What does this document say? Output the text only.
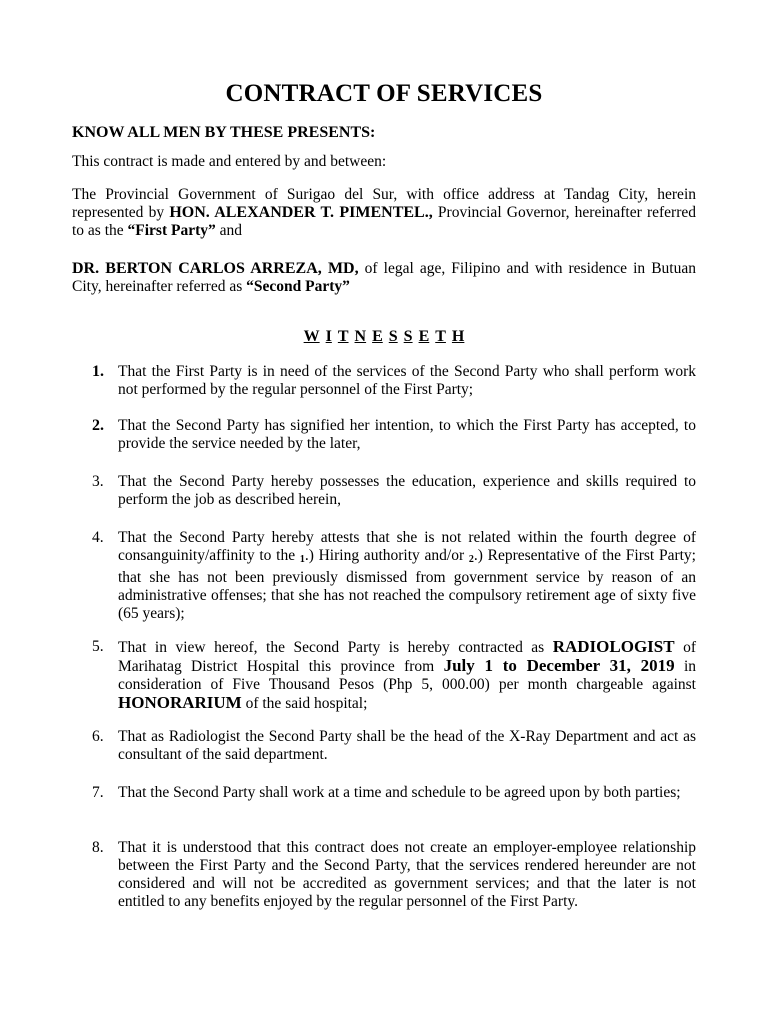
CONTRACT OF SERVICES
KNOW ALL MEN BY THESE PRESENTS:
This contract is made and entered by and between:
The Provincial Government of Surigao del Sur, with office address at Tandag City, herein represented by HON. ALEXANDER T. PIMENTEL., Provincial Governor, hereinafter referred to as the “First Party” and
DR. BERTON CARLOS ARREZA, MD, of legal age, Filipino and with residence in Butuan City, hereinafter referred as “Second Party”
W I T N E S S E T H
1. That the First Party is in need of the services of the Second Party who shall perform work not performed by the regular personnel of the First Party;
2. That the Second Party has signified her intention, to which the First Party has accepted, to provide the service needed by the later,
3. That the Second Party hereby possesses the education, experience and skills required to perform the job as described herein,
4. That the Second Party hereby attests that she is not related within the fourth degree of consanguinity/affinity to the $_1$.) Hiring authority and/or $_2$.) Representative of the First Party; that she has not been previously dismissed from government service by reason of an administrative offenses; that she has not reached the compulsory retirement age of sixty five (65 years);
5. That in view hereof, the Second Party is hereby contracted as RADIOLOGIST of Marihatag District Hospital this province from July 1 to December 31, 2019 in consideration of Five Thousand Pesos (Php 5, 000.00) per month chargeable against HONORARIUM of the said hospital;
6. That as Radiologist the Second Party shall be the head of the X-Ray Department and act as consultant of the said department.
7. That the Second Party shall work at a time and schedule to be agreed upon by both parties;
8. That it is understood that this contract does not create an employer-employee relationship between the First Party and the Second Party, that the services rendered hereunder are not considered and will not be accredited as government services; and that the later is not entitled to any benefits enjoyed by the regular personnel of the First Party.
